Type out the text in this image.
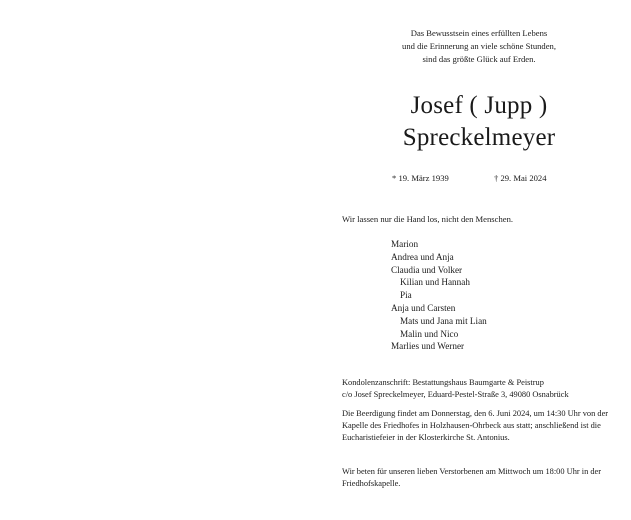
Das Bewusstsein eines erfüllten Lebens
und die Erinnerung an viele schöne Stunden,
sind das größte Glück auf Erden.
Josef ( Jupp )
Spreckelmeyer
* 19. März 1939	† 29. Mai 2024
Wir lassen nur die Hand los, nicht den Menschen.
Marion
Andrea und Anja
Claudia und Volker
Kilian und Hannah
Pia
Anja und Carsten
Mats und Jana mit Lian
Malin und Nico
Marlies und Werner

Kondolenzanschrift: Bestattungshaus Baumgarte & Peistrup

c/o Josef Spreckelmeyer, Eduard-Pestel-Straße 3, 49080 Osnabrück

Die Beerdigung findet am Donnerstag, den 6. Juni 2024, um 14:30 Uhr von der Kapelle des Friedhofes in Holzhausen-Ohrbeck aus statt; anschließend ist die Eucharistiefeier in der Klosterkirche St. Antonius.

Wir beten für unseren lieben Verstorbenen am Mittwoch um 18:00 Uhr in der Friedhofskapelle.
